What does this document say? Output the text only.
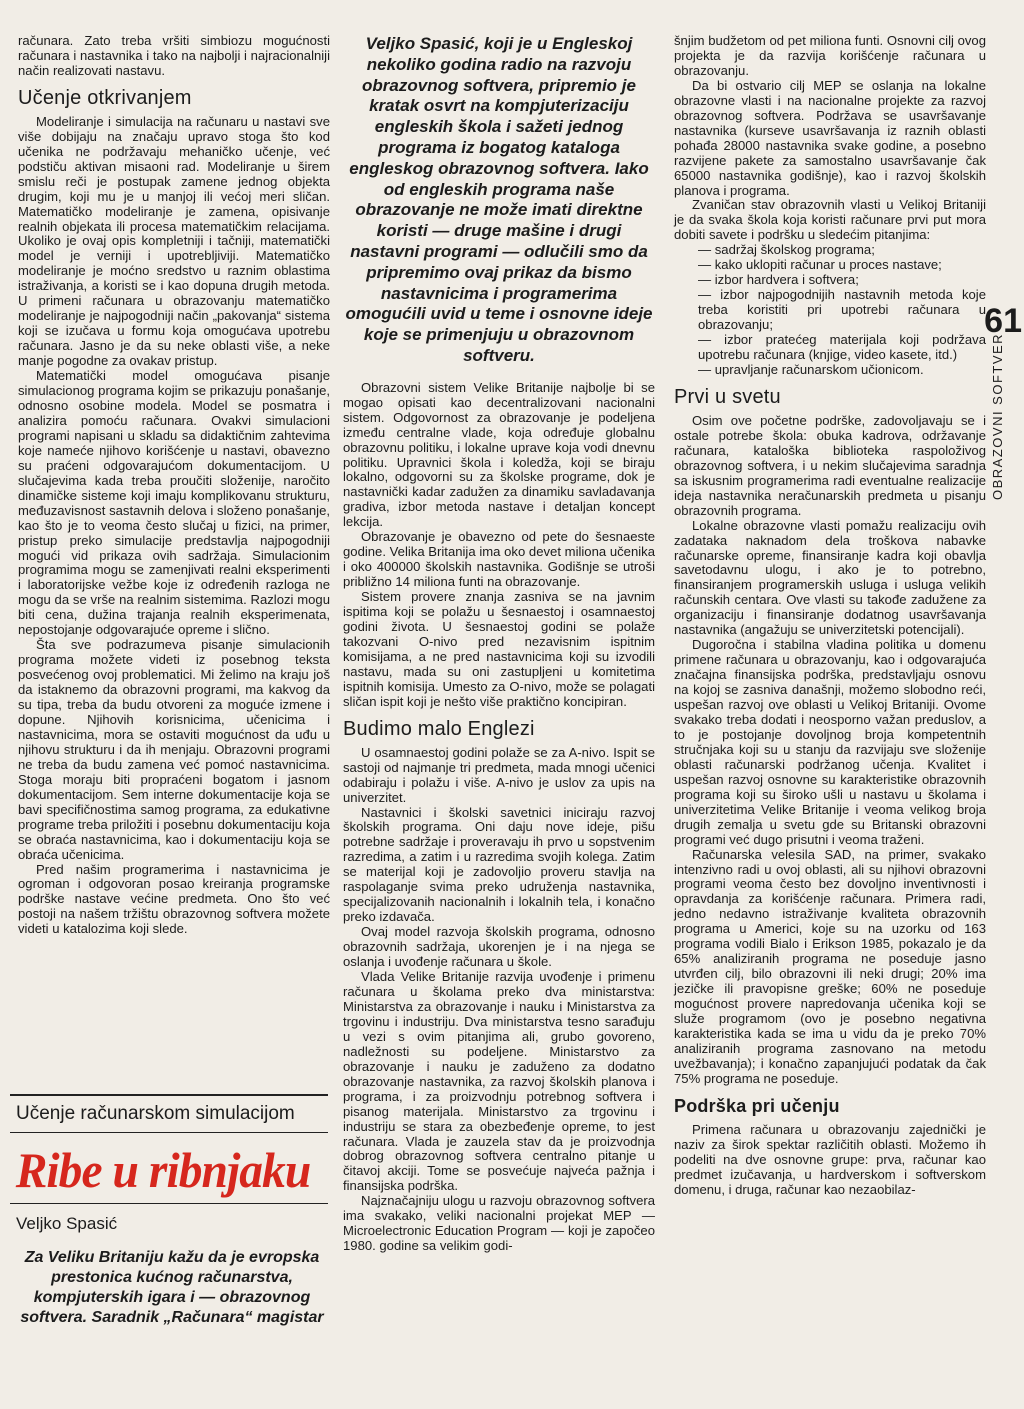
računara. Zato treba vršiti simbiozu mogućnosti računara i nastavnika i tako na najbolji i najracionalniji način realizovati nastavu.

Učenje otkrivanjem

Modeliranje i simulacija na računaru u nastavi sve više dobijaju na značaju upravo stoga što kod učenika ne podržavaju mehaničko učenje, već podstiču aktivan misaoni rad. Modeliranje u širem smislu reči je postupak zamene jednog objekta drugim, koji mu je u manjoj ili većoj meri sličan. Matematičko modeliranje je zamena, opisivanje realnih objekata ili procesa matematičkim relacijama. Ukoliko je ovaj opis kompletniji i tačniji, matematički model je verniji i upotrebljiviji. Matematičko modeliranje je moćno sredstvo u raznim oblastima istraživanja, a koristi se i kao dopuna drugih metoda. U primeni računara u obrazovanju matematičko modeliranje je najpogodniji način „pakovanja“ sistema koji se izučava u formu koja omogućava upotrebu računara. Jasno je da su neke oblasti više, a neke manje pogodne za ovakav pristup.

Matematički model omogućava pisanje simulacionog programa kojim se prikazuju ponašanje, odnosno osobine modela. Model se posmatra i analizira pomoću računara. Ovakvi simulacioni programi napisani u skladu sa didaktičnim zahtevima koje nameće njihovo korišćenje u nastavi, obavezno su praćeni odgovarajućom dokumentacijom. U slučajevima kada treba proučiti složenije, naročito dinamičke sisteme koji imaju komplikovanu strukturu, međuzavisnost sastavnih delova i složeno ponašanje, kao što je to veoma često slučaj u fizici, na primer, pristup preko simulacije predstavlja najpogodniji mogući vid prikaza ovih sadržaja. Simulacionim programima mogu se zamenjivati realni eksperimenti i laboratorijske vežbe koje iz određenih razloga ne mogu da se vrše na realnim sistemima. Razlozi mogu biti cena, dužina trajanja realnih eksperimenata, nepostojanje odgovarajuće opreme i slično.

Šta sve podrazumeva pisanje simulacionih programa možete videti iz posebnog teksta posvećenog ovoj problematici. Mi želimo na kraju još da istaknemo da obrazovni programi, ma kakvog da su tipa, treba da budu otvoreni za moguće izmene i dopune. Njihovih korisnicima, učenicima i nastavnicima, mora se ostaviti mogućnost da uđu u njihovu strukturu i da ih menjaju. Obrazovni programi ne treba da budu zamena već pomoć nastavnicima. Stoga moraju biti propraćeni bogatom i jasnom dokumentacijom. Sem interne dokumentacije koja se bavi specifičnostima samog programa, za edukativne programe treba priložiti i posebnu dokumentaciju koja se obraća nastavnicima, kao i dokumentaciju koja se obraća učenicima.

Pred našim programerima i nastavnicima je ogroman i odgovoran posao kreiranja programske podrške nastave većine predmeta. Ono što već postoji na našem tržištu obrazovnog softvera možete videti u katalozima koji slede.

Učenje računarskom simulacijom
Ribe u ribnjaku
Veljko Spasić
Za Veliku Britaniju kažu da je evropska prestonica kućnog računarstva, kompjuterskih igara i — obrazovnog softvera. Saradnik „Računara“ magistar
Veljko Spasić, koji je u Engleskoj nekoliko godina radio na razvoju obrazovnog softvera, pripremio je kratak osvrt na kompjuterizaciju engleskih škola i sažeti jednog programa iz bogatog kataloga engleskog obrazovnog softvera. Iako od engleskih programa naše obrazovanje ne može imati direktne koristi — druge mašine i drugi nastavni programi — odlučili smo da pripremimo ovaj prikaz da bismo nastavnicima i programerima omogućili uvid u teme i osnovne ideje koje se primenjuju u obrazovnom softveru.

Obrazovni sistem Velike Britanije najbolje bi se mogao opisati kao decentralizovani nacionalni sistem. Odgovornost za obrazovanje je podeljena između centralne vlade, koja određuje globalnu obrazovnu politiku, i lokalne uprave koja vodi dnevnu politiku. Upravnici škola i koledža, koji se biraju lokalno, odgovorni su za školske programe, dok je nastavnički kadar zadužen za dinamiku savladavanja gradiva, izbor metoda nastave i detaljan koncept lekcija.

Obrazovanje je obavezno od pete do šesnaeste godine. Velika Britanija ima oko devet miliona učenika i oko 400000 školskih nastavnika. Godišnje se utroši približno 14 miliona funti na obrazovanje.

Sistem provere znanja zasniva se na javnim ispitima koji se polažu u šesnaestoj i osamnaestoj godini života. U šesnaestoj godini se polaže takozvani O-nivo pred nezavisnim ispitnim komisijama, a ne pred nastavnicima koji su izvodili nastavu, mada su oni zastupljeni u komitetima ispitnih komisija. Umesto za O-nivo, može se polagati sličan ispit koji je nešto više praktično koncipiran.

Budimo malo Englezi

U osamnaestoj godini polaže se za A-nivo. Ispit se sastoji od najmanje tri predmeta, mada mnogi učenici odabiraju i polažu i više. A-nivo je uslov za upis na univerzitet.

Nastavnici i školski savetnici iniciraju razvoj školskih programa. Oni daju nove ideje, pišu potrebne sadržaje i proveravaju ih prvo u sopstvenim razredima, a zatim i u razredima svojih kolega. Zatim se materijal koji je zadovoljio proveru stavlja na raspolaganje svima preko udruženja nastavnika, specijalizovanih nacionalnih i lokalnih tela, i konačno preko izdavača.

Ovaj model razvoja školskih programa, odnosno obrazovnih sadržaja, ukorenjen je i na njega se oslanja i uvođenje računara u škole.

Vlada Velike Britanije razvija uvođenje i primenu računara u školama preko dva ministarstva: Ministarstva za obrazovanje i nauku i Ministarstva za trgovinu i industriju. Dva ministarstva tesno sarađuju u vezi s ovim pitanjima ali, grubo govoreno, nadležnosti su podeljene. Ministarstvo za obrazovanje i nauku je zaduženo za dodatno obrazovanje nastavnika, za razvoj školskih planova i programa, i za proizvodnju potrebnog softvera i pisanog materijala. Ministarstvo za trgovinu i industriju se stara za obezbeđenje opreme, to jest računara. Vlada je zauzela stav da je proizvodnja dobrog obrazovnog softvera centralno pitanje u čitavoj akciji. Tome se posvećuje najveća pažnja i finansijska podrška.

Najznačajniju ulogu u razvoju obrazovnog softvera ima svakako, veliki nacionalni projekat MEP — Microelectronic Education Program — koji je započeo 1980. godine sa velikim godi-

šnjim budžetom od pet miliona funti. Osnovni cilj ovog projekta je da razvija korišćenje računara u obrazovanju.

Da bi ostvario cilj MEP se oslanja na lokalne obrazovne vlasti i na nacionalne projekte za razvoj obrazovnog softvera. Podržava se usavršavanje nastavnika (kurseve usavršavanja iz raznih oblasti pohađa 28000 nastavnika svake godine, a posebno razvijene pakete za samostalno usavršavanje čak 65000 nastavnika godišnje), kao i razvoj školskih planova i programa.

Zvaničan stav obrazovnih vlasti u Velikoj Britaniji je da svaka škola koja koristi računare prvi put mora dobiti savete i podršku u sledećim pitanjima:

— sadržaj školskog programa;
— kako uklopiti računar u proces nastave;
— izbor hardvera i softvera;
— izbor najpogodnijih nastavnih metoda koje treba koristiti pri upotrebi računara u obrazovanju;
— izbor pratećeg materijala koji podržava upotrebu računara (knjige, video kasete, itd.)
— upravljanje računarskom učionicom.
Prvi u svetu

Osim ove početne podrške, zadovoljavaju se i ostale potrebe škola: obuka kadrova, održavanje računara, kataloška biblioteka raspoloživog obrazovnog softvera, i u nekim slučajevima saradnja sa iskusnim programerima radi eventualne realizacije ideja nastavnika neračunarskih predmeta u pisanju obrazovnih programa.

Lokalne obrazovne vlasti pomažu realizaciju ovih zadataka naknadom dela troškova nabavke računarske opreme, finansiranje kadra koji obavlja savetodavnu ulogu, i ako je to potrebno, finansiranjem programerskih usluga i usluga velikih računskih centara. Ove vlasti su takođe zadužene za organizaciju i finansiranje dodatnog usavršavanja nastavnika (angažuju se univerzitetski potencijali).

Dugoročna i stabilna vladina politika u domenu primene računara u obrazovanju, kao i odgovarajuća značajna finansijska podrška, predstavljaju osnovu na kojoj se zasniva današnji, možemo slobodno reći, uspešan razvoj ove oblasti u Velikoj Britaniji. Ovome svakako treba dodati i neosporno važan preduslov, a to je postojanje dovoljnog broja kompetentnih stručnjaka koji su u stanju da razvijaju sve složenije oblasti računarski podržanog učenja. Kvalitet i uspešan razvoj osnovne su karakteristike obrazovnih programa koji su široko ušli u nastavu u školama i univerzitetima Velike Britanije i veoma velikog broja drugih zemalja u svetu gde su Britanski obrazovni programi već dugo prisutni i veoma traženi.

Računarska velesila SAD, na primer, svakako intenzivno radi u ovoj oblasti, ali su njihovi obrazovni programi veoma često bez dovoljno inventivnosti i opravdanja za korišćenje računara. Primera radi, jedno nedavno istraživanje kvaliteta obrazovnih programa u Americi, koje su na uzorku od 163 programa vodili Bialo i Erikson 1985, pokazalo je da 65% analiziranih programa ne poseduje jasno utvrđen cilj, bilo obrazovni ili neki drugi; 20% ima jezičke ili pravopisne greške; 60% ne poseduje mogućnost provere napredovanja učenika koji se služe programom (ovo je posebno negativna karakteristika kada se ima u vidu da je preko 70% analiziranih programa zasnovano na metodu uvežbavanja); i konačno zapanjujući podatak da čak 75% programa ne poseduje.

Podrška pri učenju

Primena računara u obrazovanju zajednički je naziv za širok spektar različitih oblasti. Možemo ih podeliti na dve osnovne grupe: prva, računar kao predmet izučavanja, u hardverskom i softverskom domenu, i druga, računar kao nezaobilaz-

61
OBRAZOVNI SOFTVER
